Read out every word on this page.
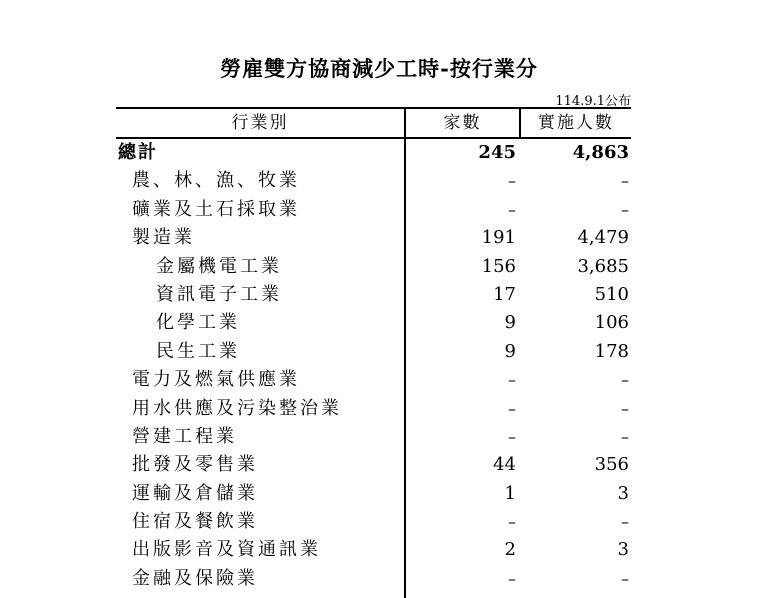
勞雇雙方協商減少工時-按行業分
114.9.1公布
行業別	家數	實施人數
總計	245	4,863
農、林、漁、牧業	–	–
礦業及土石採取業	–	–
製造業	191	4,479
金屬機電工業	156	3,685
資訊電子工業	17	510
化學工業	9	106
民生工業	9	178
電力及燃氣供應業	–	–
用水供應及污染整治業	–	–
營建工程業	–	–
批發及零售業	44	356
運輸及倉儲業	1	3
住宿及餐飲業	–	–
出版影音及資通訊業	2	3
金融及保險業	–	–
